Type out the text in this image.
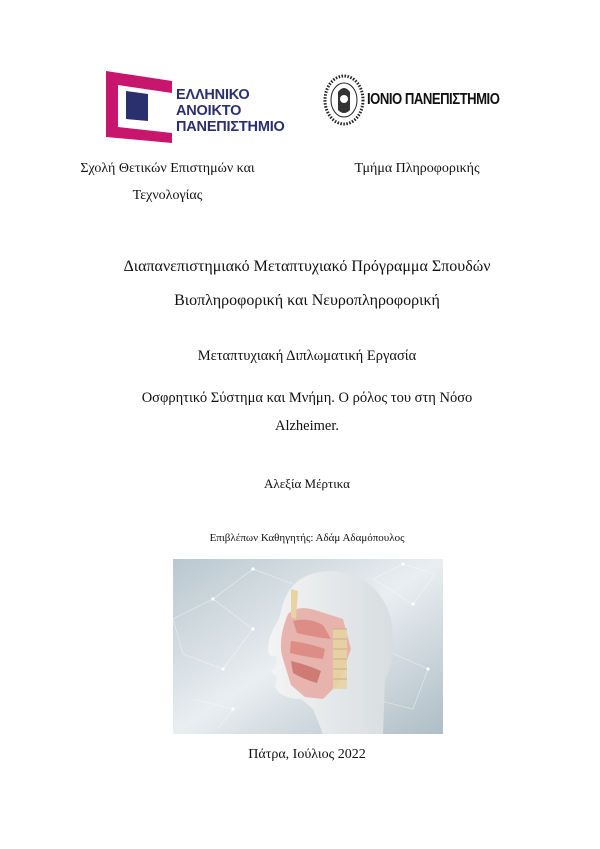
ΕΛΛΗΝΙΚΟ
ΑΝΟΙΚΤΟ
ΠΑΝΕΠΙΣΤΗΜΙΟ
ΙΟΝΙΟ ΠΑΝΕΠΙΣΤΗΜΙΟ
Σχολή Θετικών Επιστημών και
Τεχνολογίας
Τμήμα Πληροφορικής
Διαπανεπιστημιακό Μεταπτυχιακό Πρόγραμμα Σπουδών
Βιοπληροφορική και Νευροπληροφορική
Μεταπτυχιακή Διπλωματική Εργασία
Οσφρητικό Σύστημα και Μνήμη. Ο ρόλος του στη Νόσο
Alzheimer.
Αλεξία Μέρτικα
Επιβλέπων Καθηγητής: Αδάμ Αδαμόπουλος
Πάτρα, Ιούλιος 2022
